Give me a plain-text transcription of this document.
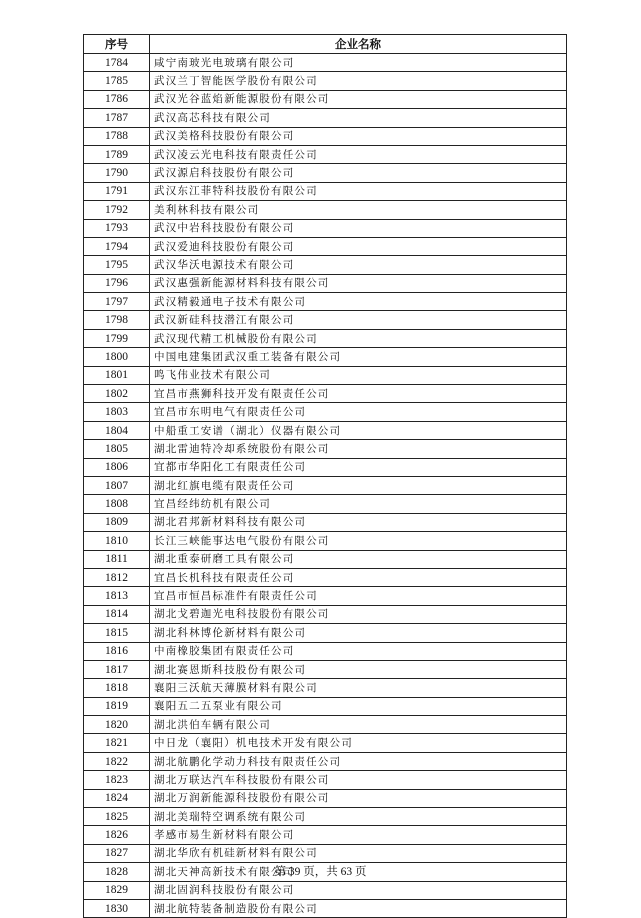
序号	企业名称
1784	咸宁南玻光电玻璃有限公司
1785	武汉兰丁智能医学股份有限公司
1786	武汉光谷蓝焰新能源股份有限公司
1787	武汉高芯科技有限公司
1788	武汉美格科技股份有限公司
1789	武汉凌云光电科技有限责任公司
1790	武汉源启科技股份有限公司
1791	武汉东江菲特科技股份有限公司
1792	美利林科技有限公司
1793	武汉中岩科技股份有限公司
1794	武汉爱迪科技股份有限公司
1795	武汉华沃电源技术有限公司
1796	武汉惠强新能源材料科技有限公司
1797	武汉精毅通电子技术有限公司
1798	武汉新硅科技潜江有限公司
1799	武汉现代精工机械股份有限公司
1800	中国电建集团武汉重工装备有限公司
1801	鸣飞伟业技术有限公司
1802	宜昌市燕狮科技开发有限责任公司
1803	宜昌市东明电气有限责任公司
1804	中船重工安谱（湖北）仪器有限公司
1805	湖北雷迪特冷却系统股份有限公司
1806	宜都市华阳化工有限责任公司
1807	湖北红旗电缆有限责任公司
1808	宜昌经纬纺机有限公司
1809	湖北君邦新材料科技有限公司
1810	长江三峡能事达电气股份有限公司
1811	湖北重泰研磨工具有限公司
1812	宜昌长机科技有限责任公司
1813	宜昌市恒昌标准件有限责任公司
1814	湖北戈碧迦光电科技股份有限公司
1815	湖北科林博伦新材料有限公司
1816	中南橡胶集团有限责任公司
1817	湖北赛恩斯科技股份有限公司
1818	襄阳三沃航天薄膜材料有限公司
1819	襄阳五二五泵业有限公司
1820	湖北洪伯车辆有限公司
1821	中日龙（襄阳）机电技术开发有限公司
1822	湖北航鹏化学动力科技有限责任公司
1823	湖北万联达汽车科技股份有限公司
1824	湖北万润新能源科技股份有限公司
1825	湖北美瑞特空调系统有限公司
1826	孝感市易生新材料有限公司
1827	湖北华欣有机硅新材料有限公司
1828	湖北天神高新技术有限公司
1829	湖北固润科技股份有限公司
1830	湖北航特装备制造股份有限公司
第 39 页，共 63 页
